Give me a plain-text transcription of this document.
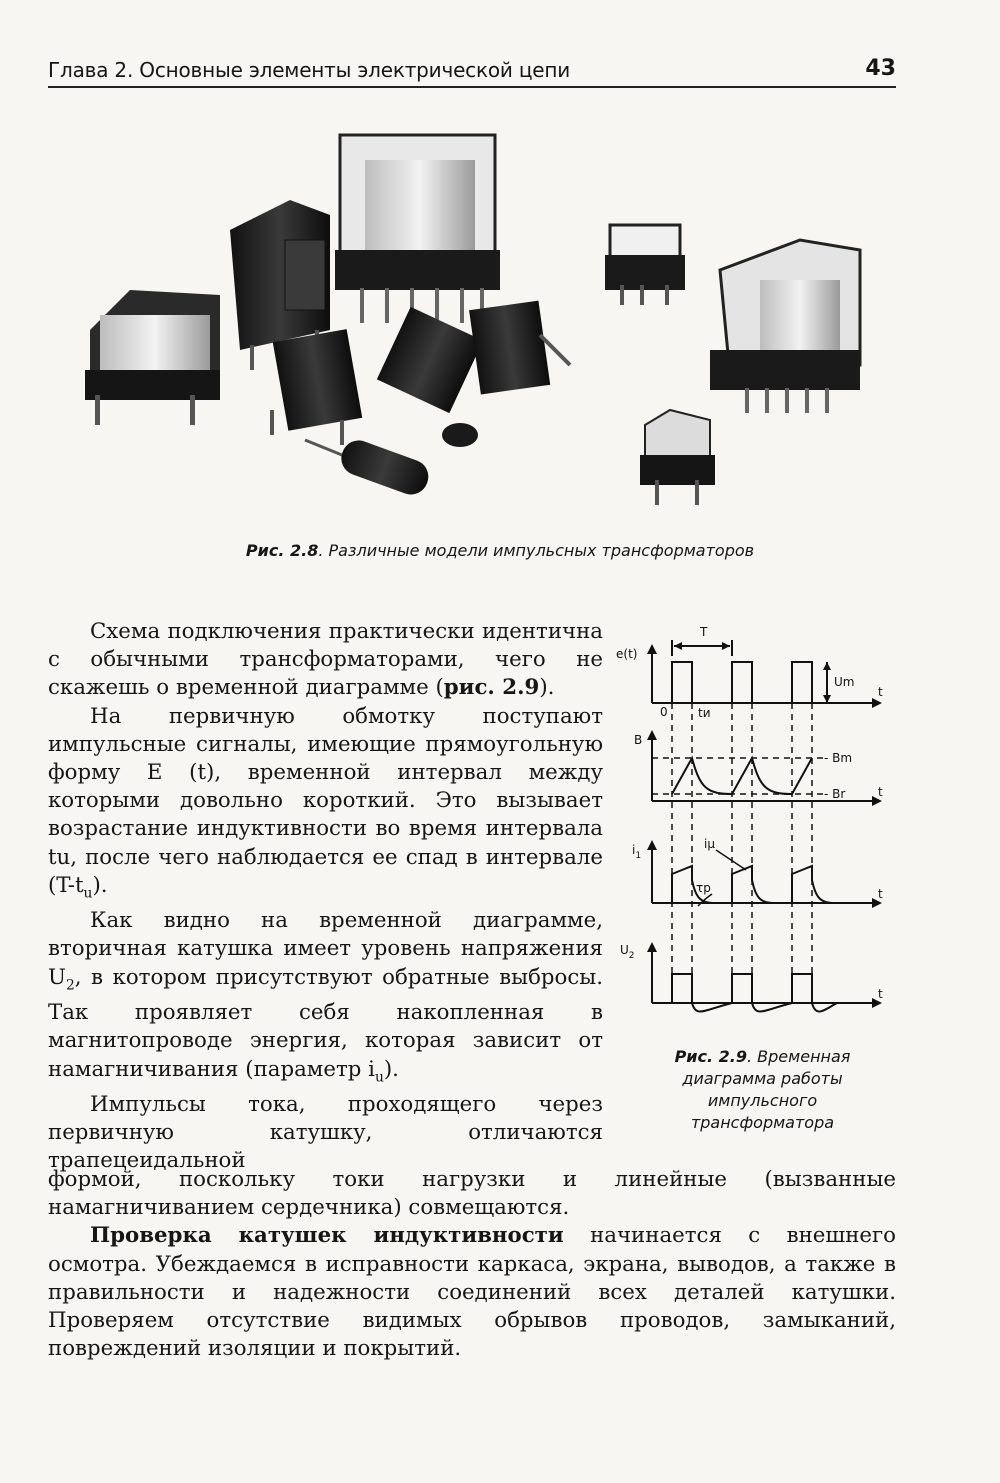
Глава 2. Основные элементы электрической цепи	43
Рис. 2.8. Различные модели импульсных трансформаторов

Схема подключения практически идентична с обычными трансформаторами, чего не скажешь о временной диаграмме (рис. 2.9).

На первичную обмотку поступают импульсные сигналы, имеющие прямоугольную форму E (t), временной интервал между которыми довольно короткий. Это вызывает возрастание индуктивности во время интервала tu, после чего наблюдается ее спад в интервале $(T-t_u)$.

Как видно на временной диаграмме, вторичная катушка имеет уровень напряжения $U_2$, в котором присутствуют обратные выбросы. Так проявляет себя накопленная в магнитопроводе энергия, которая зависит от намагничивания (параметр $i_u$).

Импульсы тока, проходящего через первичную катушку, отличаются трапецеидальной

формой, поскольку токи нагрузки и линейные (вызванные намагничиванием сердечника) совмещаются.

Проверка катушек индуктивности начинается с внешнего осмотра. Убеждаемся в исправности каркаса, экрана, выводов, а также в правильности и надежности соединений всех деталей катушки. Проверяем отсутствие видимых обрывов проводов, замыканий, повреждений изоляции и покрытий.

T
e(t)
Um
t
0	tи
B
- Bm
- Br	t
$i_1$
iμ
τp	t
$U_2$
t
Рис. 2.9. Временная диаграмма работы импульсного трансформатора
